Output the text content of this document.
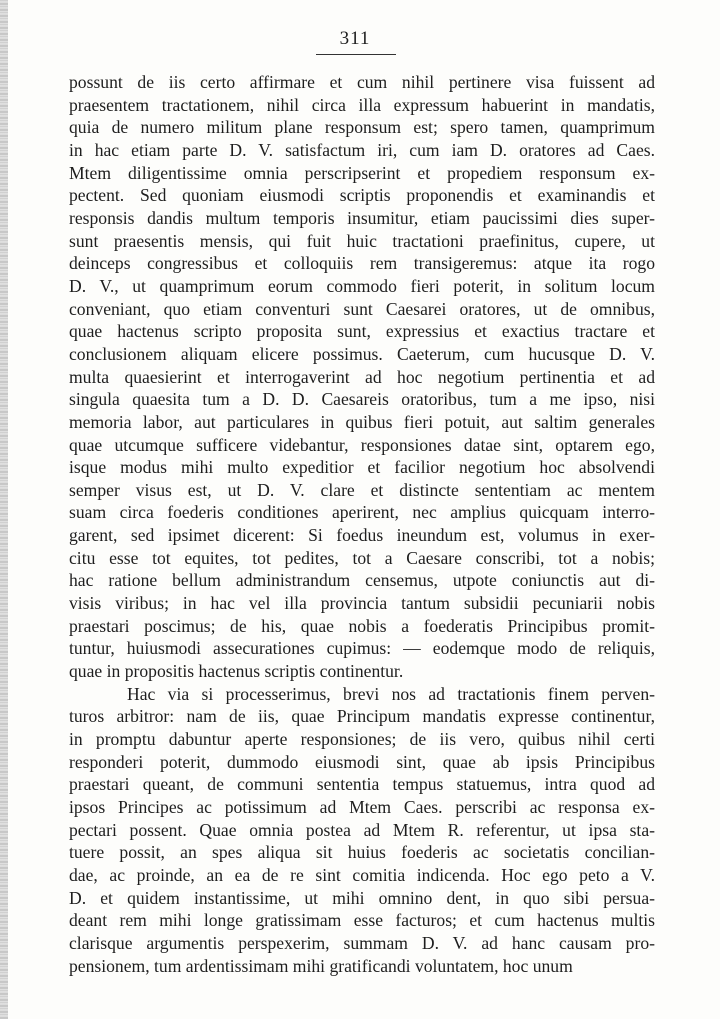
311
possunt de iis certo affirmare et cum nihil pertinere visa fuissent ad
praesentem tractationem, nihil circa illa expressum habuerint in mandatis,
quia de numero militum plane responsum est; spero tamen, quamprimum
in hac etiam parte D. V. satisfactum iri, cum iam D. oratores ad Caes.
Mtem diligentissime omnia perscripserint et propediem responsum ex-
pectent. Sed quoniam eiusmodi scriptis proponendis et examinandis et
responsis dandis multum temporis insumitur, etiam paucissimi dies super-
sunt praesentis mensis, qui fuit huic tractationi praefinitus, cupere, ut
deinceps congressibus et colloquiis rem transigeremus: atque ita rogo
D. V., ut quamprimum eorum commodo fieri poterit, in solitum locum
conveniant, quo etiam conventuri sunt Caesarei oratores, ut de omnibus,
quae hactenus scripto proposita sunt, expressius et exactius tractare et
conclusionem aliquam elicere possimus. Caeterum, cum hucusque D. V.
multa quaesierint et interrogaverint ad hoc negotium pertinentia et ad
singula quaesita tum a D. D. Caesareis oratoribus, tum a me ipso, nisi
memoria labor, aut particulares in quibus fieri potuit, aut saltim generales
quae utcumque sufficere videbantur, responsiones datae sint, optarem ego,
isque modus mihi multo expeditior et facilior negotium hoc absolvendi
semper visus est, ut D. V. clare et distincte sententiam ac mentem
suam circa foederis conditiones aperirent, nec amplius quicquam interro-
garent, sed ipsimet dicerent: Si foedus ineundum est, volumus in exer-
citu esse tot equites, tot pedites, tot a Caesare conscribi, tot a nobis;
hac ratione bellum administrandum censemus, utpote coniunctis aut di-
visis viribus; in hac vel illa provincia tantum subsidii pecuniarii nobis
praestari poscimus; de his, quae nobis a foederatis Principibus promit-
tuntur, huiusmodi assecurationes cupimus: — eodemque modo de reliquis,
quae in propositis hactenus scriptis continentur.
Hac via si processerimus, brevi nos ad tractationis finem perven-
turos arbitror: nam de iis, quae Principum mandatis expresse continentur,
in promptu dabuntur aperte responsiones; de iis vero, quibus nihil certi
responderi poterit, dummodo eiusmodi sint, quae ab ipsis Principibus
praestari queant, de communi sententia tempus statuemus, intra quod ad
ipsos Principes ac potissimum ad Mtem Caes. perscribi ac responsa ex-
pectari possent. Quae omnia postea ad Mtem R. referentur, ut ipsa sta-
tuere possit, an spes aliqua sit huius foederis ac societatis concilian-
dae, ac proinde, an ea de re sint comitia indicenda. Hoc ego peto a V.
D. et quidem instantissime, ut mihi omnino dent, in quo sibi persua-
deant rem mihi longe gratissimam esse facturos; et cum hactenus multis
clarisque argumentis perspexerim, summam D. V. ad hanc causam pro-
pensionem, tum ardentissimam mihi gratificandi voluntatem, hoc unum
